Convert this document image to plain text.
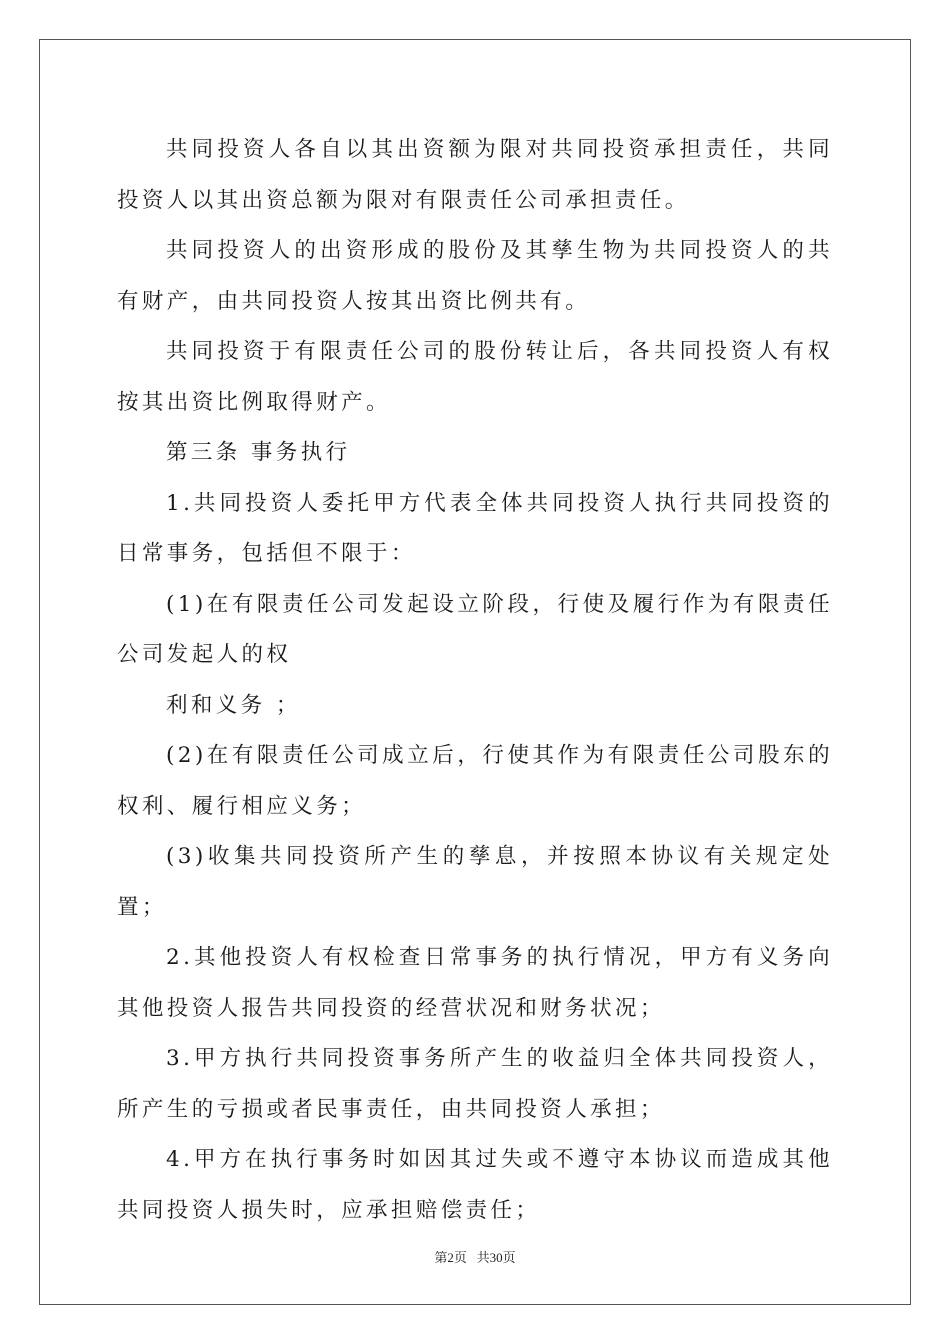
共同投资人各自以其出资额为限对共同投资承担责任，共同投资人以其出资总额为限对有限责任公司承担责任。

共同投资人的出资形成的股份及其孳生物为共同投资人的共有财产，由共同投资人按其出资比例共有。

共同投资于有限责任公司的股份转让后，各共同投资人有权按其出资比例取得财产。

第三条 事务执行

1.共同投资人委托甲方代表全体共同投资人执行共同投资的日常事务，包括但不限于：

(1)在有限责任公司发起设立阶段，行使及履行作为有限责任公司发起人的权

利和义务 ；

(2)在有限责任公司成立后，行使其作为有限责任公司股东的权利、履行相应义务；

(3)收集共同投资所产生的孳息，并按照本协议有关规定处置；

2.其他投资人有权检查日常事务的执行情况，甲方有义务向其他投资人报告共同投资的经营状况和财务状况；

3.甲方执行共同投资事务所产生的收益归全体共同投资人，所产生的亏损或者民事责任，由共同投资人承担；

4.甲方在执行事务时如因其过失或不遵守本协议而造成其他共同投资人损失时，应承担赔偿责任；

第2页   共30页
